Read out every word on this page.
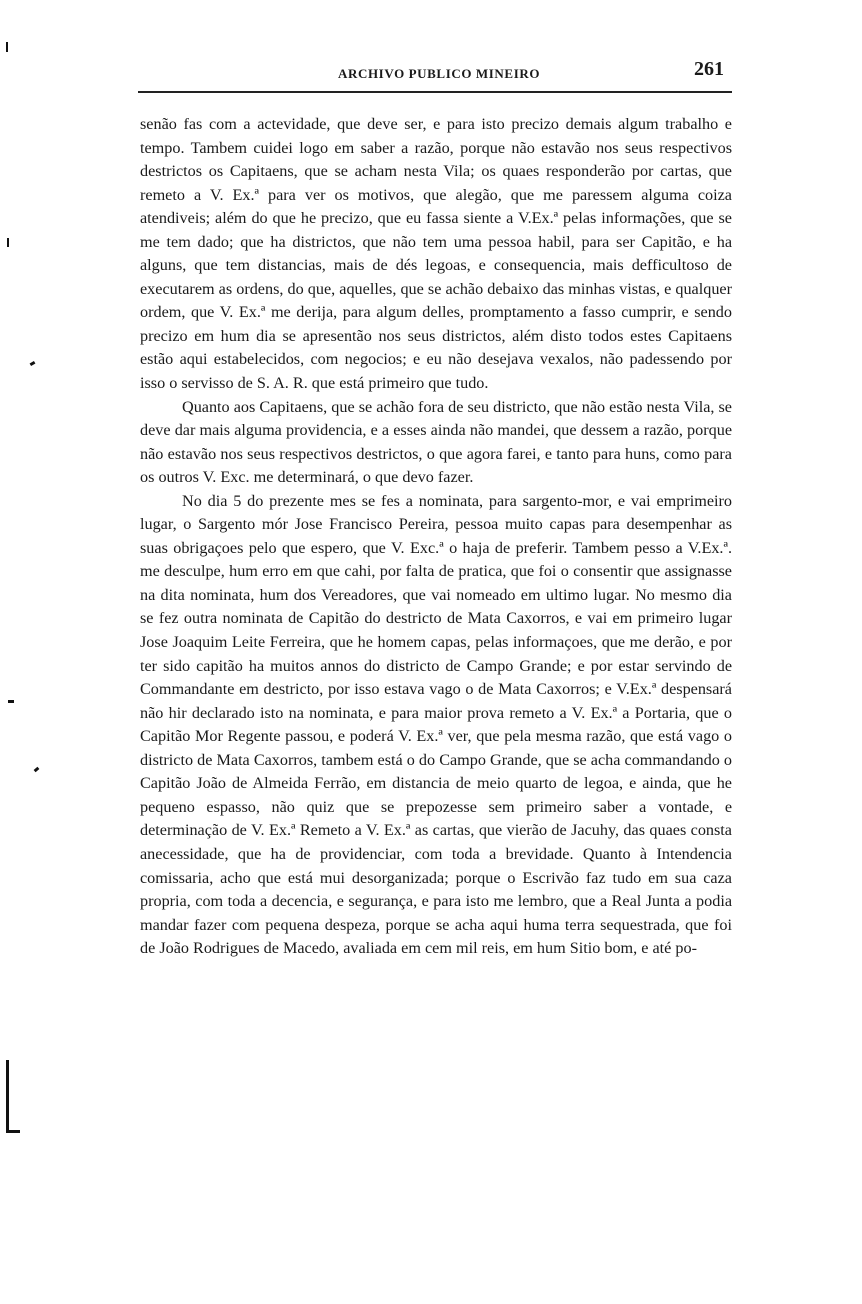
ARCHIVO PUBLICO MINEIRO	261

senão fas com a actevidade, que deve ser, e para isto precizo demais algum trabalho e tempo. Tambem cuidei logo em saber a razão, porque não estavão nos seus respectivos destrictos os Capitaens, que se acham nesta Vila; os quaes responderão por cartas, que remeto a V. Ex.ª para ver os motivos, que alegão, que me paressem alguma coiza atendiveis; além do que he precizo, que eu fassa siente a V.Ex.ª pelas informações, que se me tem dado; que ha districtos, que não tem uma pessoa habil, para ser Capitão, e ha alguns, que tem distancias, mais de dés legoas, e consequencia, mais defficultoso de executarem as ordens, do que, aquelles, que se achão debaixo das minhas vistas, e qualquer ordem, que V. Ex.ª me derija, para algum delles, promptamento a fasso cumprir, e sendo precizo em hum dia se apresentão nos seus districtos, além disto todos estes Capitaens estão aqui estabelecidos, com negocios; e eu não desejava vexalos, não padessendo por isso o servisso de S. A. R. que está primeiro que tudo.

Quanto aos Capitaens, que se achão fora de seu districto, que não estão nesta Vila, se deve dar mais alguma providencia, e a esses ainda não mandei, que dessem a razão, porque não estavão nos seus respectivos destrictos, o que agora farei, e tanto para huns, como para os outros V. Exc. me determinará, o que devo fazer.

No dia 5 do prezente mes se fes a nominata, para sargento-mor, e vai emprimeiro lugar, o Sargento mór Jose Francisco Pereira, pessoa muito capas para desempenhar as suas obrigaçoes pelo que espero, que V. Exc.ª o haja de preferir. Tambem pesso a V.Ex.ª. me desculpe, hum erro em que cahi, por falta de pratica, que foi o consentir que assignasse na dita nominata, hum dos Vereadores, que vai nomeado em ultimo lugar. No mesmo dia se fez outra nominata de Capitão do destricto de Mata Caxorros, e vai em primeiro lugar Jose Joaquim Leite Ferreira, que he homem capas, pelas informaçoes, que me derão, e por ter sido capitão ha muitos annos do districto de Campo Grande; e por estar servindo de Commandante em destricto, por isso estava vago o de Mata Caxorros; e V.Ex.ª despensará não hir declarado isto na nominata, e para maior prova remeto a V. Ex.ª a Portaria, que o Capitão Mor Regente passou, e poderá V. Ex.ª ver, que pela mesma razão, que está vago o districto de Mata Caxorros, tambem está o do Campo Grande, que se acha commandando o Capitão João de Almeida Ferrão, em distancia de meio quarto de legoa, e ainda, que he pequeno espasso, não quiz que se prepozesse sem primeiro saber a vontade, e determinação de V. Ex.ª Remeto a V. Ex.ª as cartas, que vierão de Jacuhy, das quaes consta anecessidade, que ha de providenciar, com toda a brevidade. Quanto à Intendencia comissaria, acho que está mui desorganizada; porque o Escrivão faz tudo em sua caza propria, com toda a decencia, e segurança, e para isto me lembro, que a Real Junta a podia mandar fazer com pequena despeza, porque se acha aqui huma terra sequestrada, que foi de João Rodrigues de Macedo, avaliada em cem mil reis, em hum Sitio bom, e até po-
